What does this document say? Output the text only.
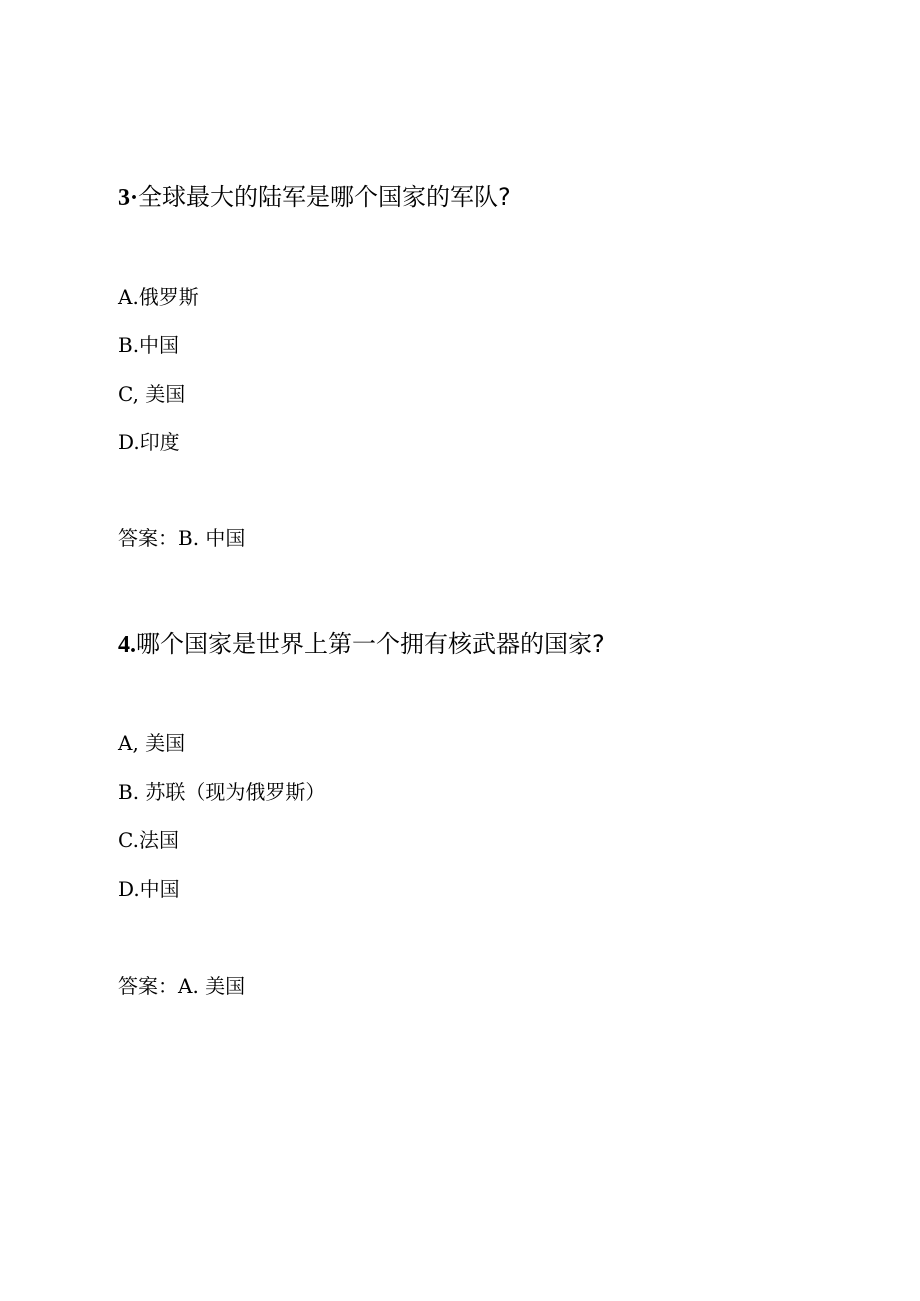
3·全球最大的陆军是哪个国家的军队?
A.俄罗斯
B.中国
C, 美国
D.印度
答案：B. 中国
4.哪个国家是世界上第一个拥有核武器的国家?
A, 美国
B. 苏联（现为俄罗斯）
C.法国
D.中国
答案：A. 美国
